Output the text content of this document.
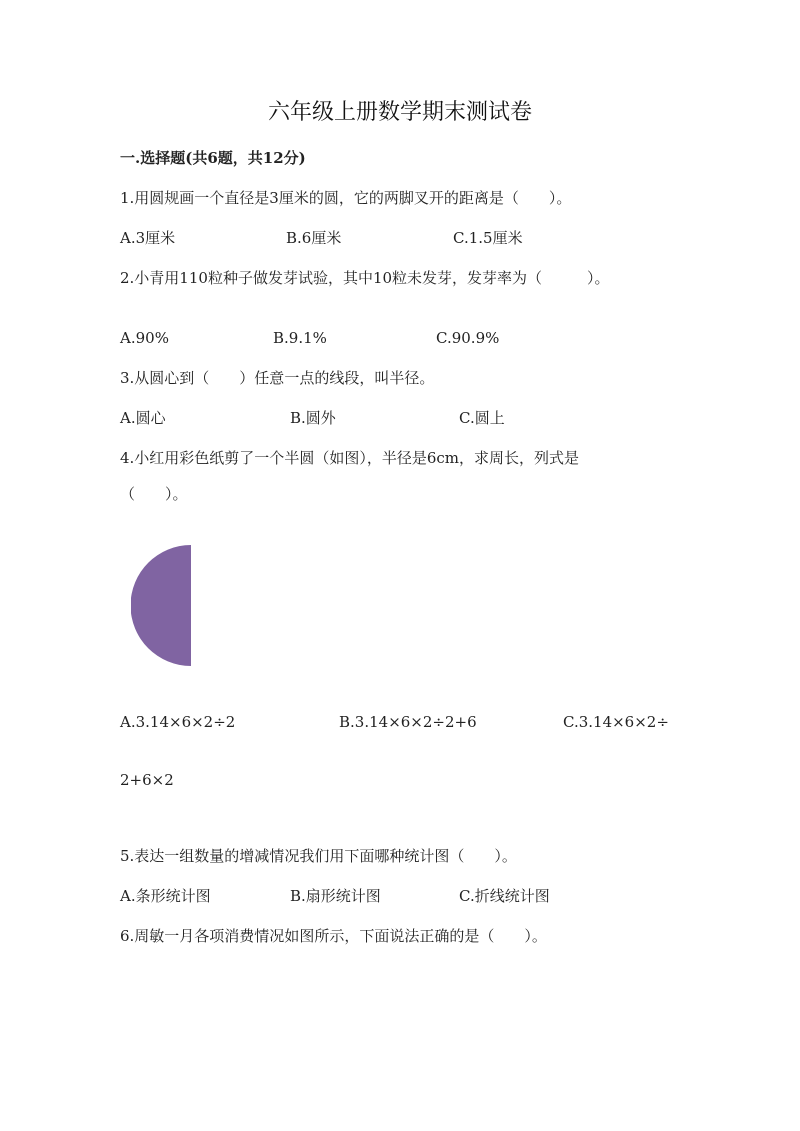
六年级上册数学期末测试卷
一.选择题(共6题，共12分)
1.用圆规画一个直径是3厘米的圆，它的两脚叉开的距离是（　　）。
A.3厘米	B.6厘米	C.1.5厘米
2.小青用110粒种子做发芽试验，其中10粒未发芽，发芽率为（　　　）。
A.90%	B.9.1%	C.90.9%
3.从圆心到（　　）任意一点的线段，叫半径。
A.圆心	B.圆外	C.圆上
4.小红用彩色纸剪了一个半圆（如图），半径是6cm，求周长，列式是
（　　）。
A.3.14×6×2÷2	B.3.14×6×2÷2+6	C.3.14×6×2÷
2+6×2
5.表达一组数量的增减情况我们用下面哪种统计图（　　）。
A.条形统计图	B.扇形统计图	C.折线统计图
6.周敏一月各项消费情况如图所示，下面说法正确的是（　　）。
